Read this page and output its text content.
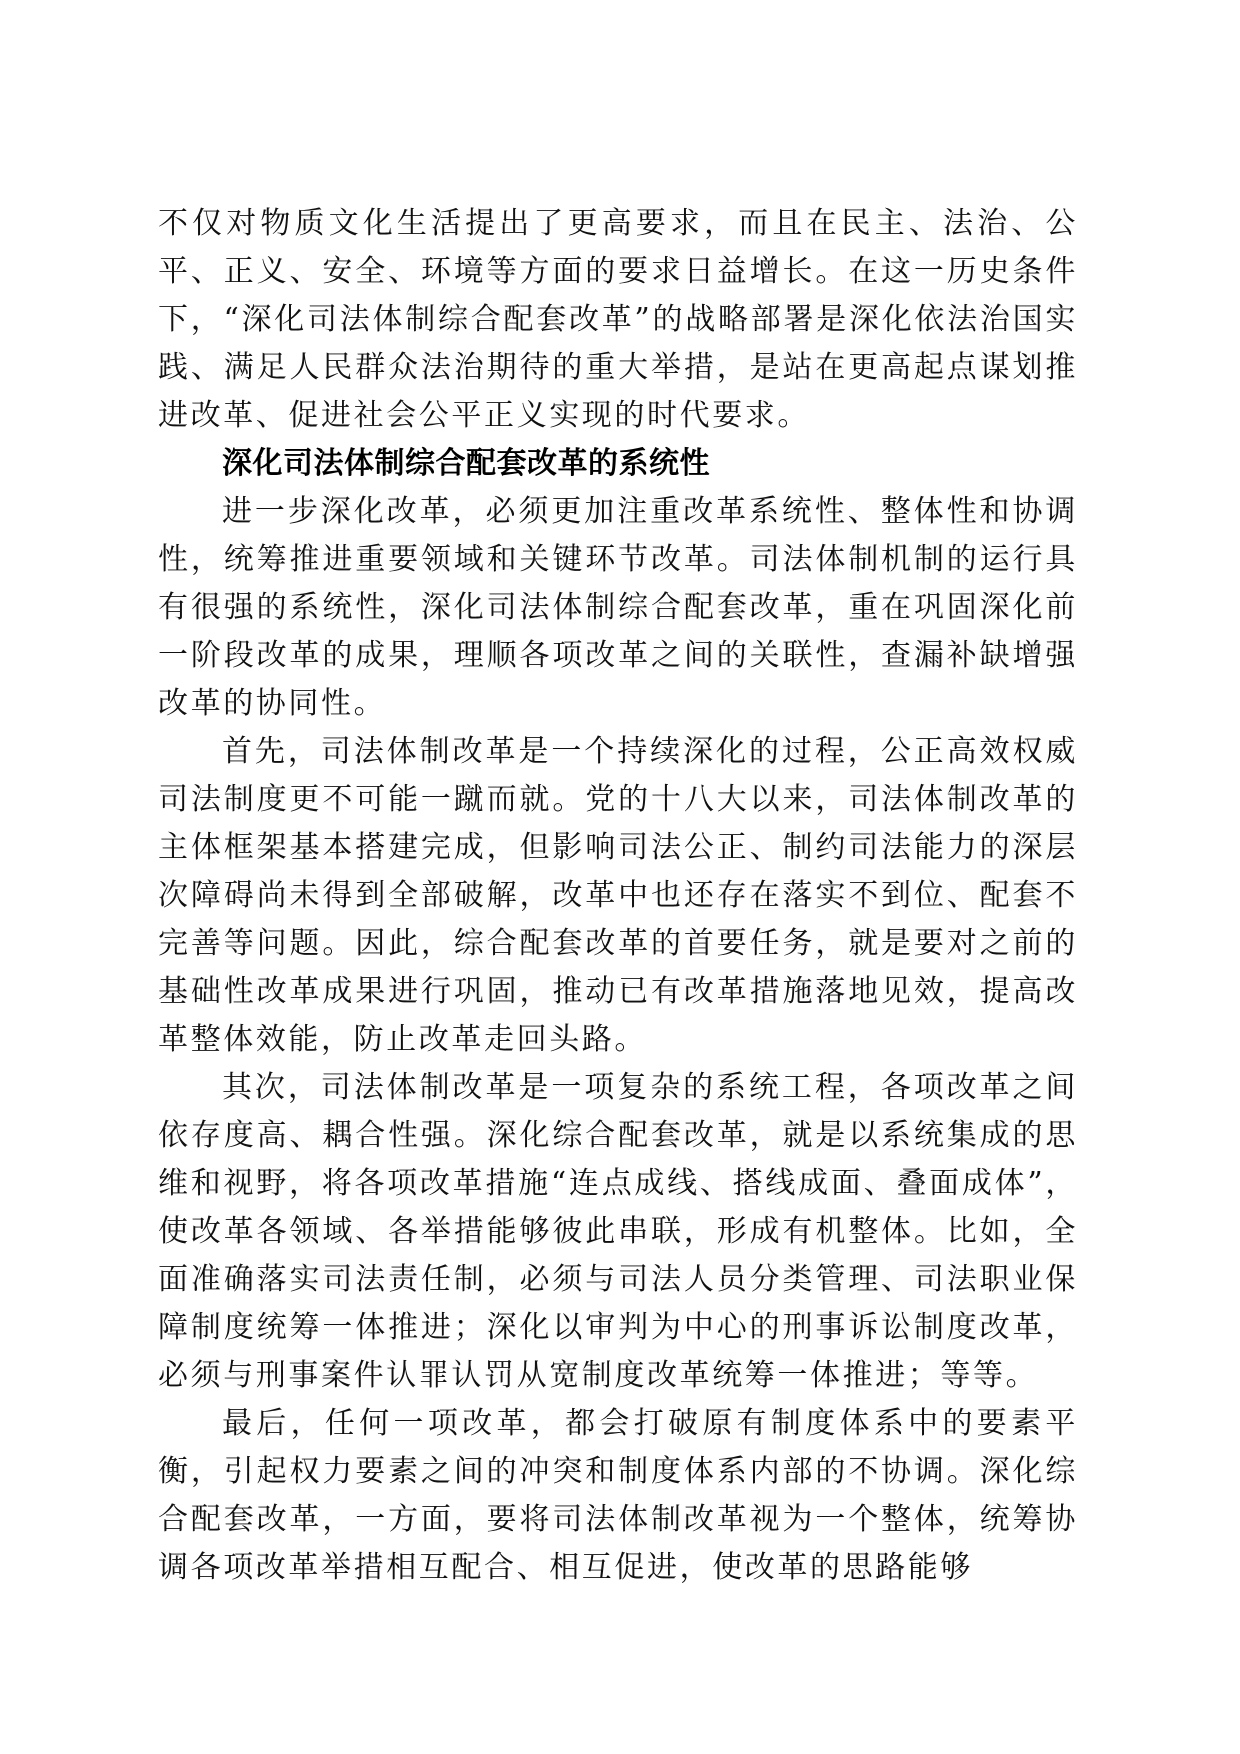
不仅对物质文化生活提出了更高要求，而且在民主、法治、公平、正义、安全、环境等方面的要求日益增长。在这一历史条件下，“深化司法体制综合配套改革”的战略部署是深化依法治国实践、满足人民群众法治期待的重大举措，是站在更高起点谋划推进改革、促进社会公平正义实现的时代要求。

深化司法体制综合配套改革的系统性

进一步深化改革，必须更加注重改革系统性、整体性和协调性，统筹推进重要领域和关键环节改革。司法体制机制的运行具有很强的系统性，深化司法体制综合配套改革，重在巩固深化前一阶段改革的成果，理顺各项改革之间的关联性，查漏补缺增强改革的协同性。

首先，司法体制改革是一个持续深化的过程，公正高效权威司法制度更不可能一蹴而就。党的十八大以来，司法体制改革的主体框架基本搭建完成，但影响司法公正、制约司法能力的深层次障碍尚未得到全部破解，改革中也还存在落实不到位、配套不完善等问题。因此，综合配套改革的首要任务，就是要对之前的基础性改革成果进行巩固，推动已有改革措施落地见效，提高改革整体效能，防止改革走回头路。

其次，司法体制改革是一项复杂的系统工程，各项改革之间依存度高、耦合性强。深化综合配套改革，就是以系统集成的思维和视野，将各项改革措施“连点成线、搭线成面、叠面成体”，使改革各领域、各举措能够彼此串联，形成有机整体。比如，全面准确落实司法责任制，必须与司法人员分类管理、司法职业保障制度统筹一体推进；深化以审判为中心的刑事诉讼制度改革，必须与刑事案件认罪认罚从宽制度改革统筹一体推进；等等。

最后，任何一项改革，都会打破原有制度体系中的要素平衡，引起权力要素之间的冲突和制度体系内部的不协调。深化综合配套改革，一方面，要将司法体制改革视为一个整体，统筹协调各项改革举措相互配合、相互促进，使改革的思路能够
